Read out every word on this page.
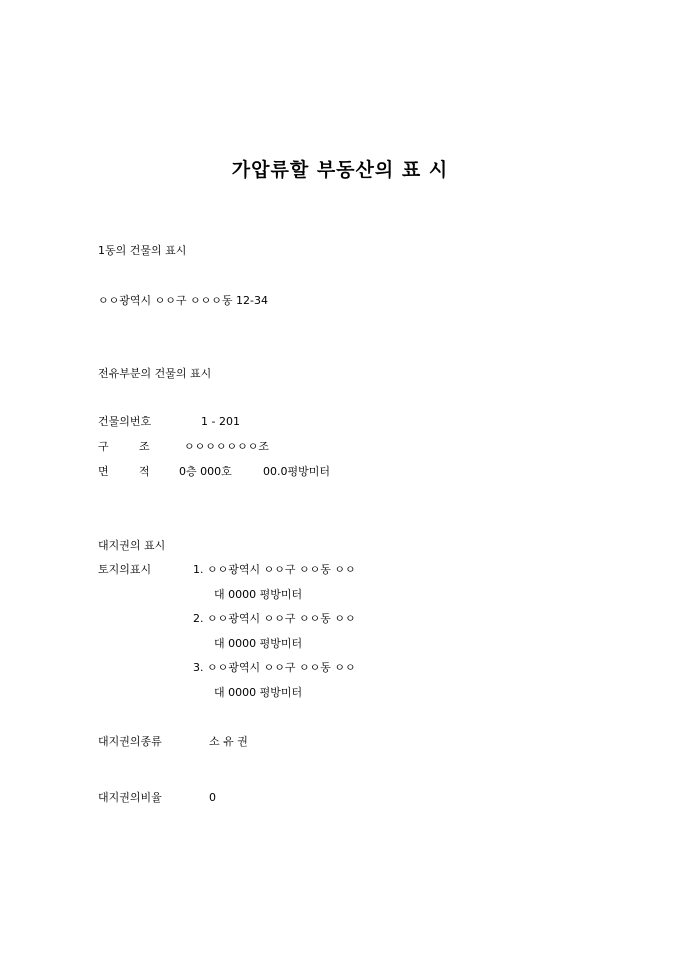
가압류할 부동산의 표 시
1동의 건물의 표시
ㅇㅇ광역시 ㅇㅇ구 ㅇㅇㅇ동 12-34
전유부분의 건물의 표시
건물의번호	1 - 201
구	조	ㅇㅇㅇㅇㅇㅇㅇ조
면	적	0층 000호	00.0평방미터
대지권의 표시
토지의표시	1. ㅇㅇ광역시 ㅇㅇ구 ㅇㅇ동 ㅇㅇ
대 0000 평방미터
2. ㅇㅇ광역시 ㅇㅇ구 ㅇㅇ동 ㅇㅇ
대 0000 평방미터
3. ㅇㅇ광역시 ㅇㅇ구 ㅇㅇ동 ㅇㅇ
대 0000 평방미터
대지권의종류	소 유 권
대지권의비율	0
